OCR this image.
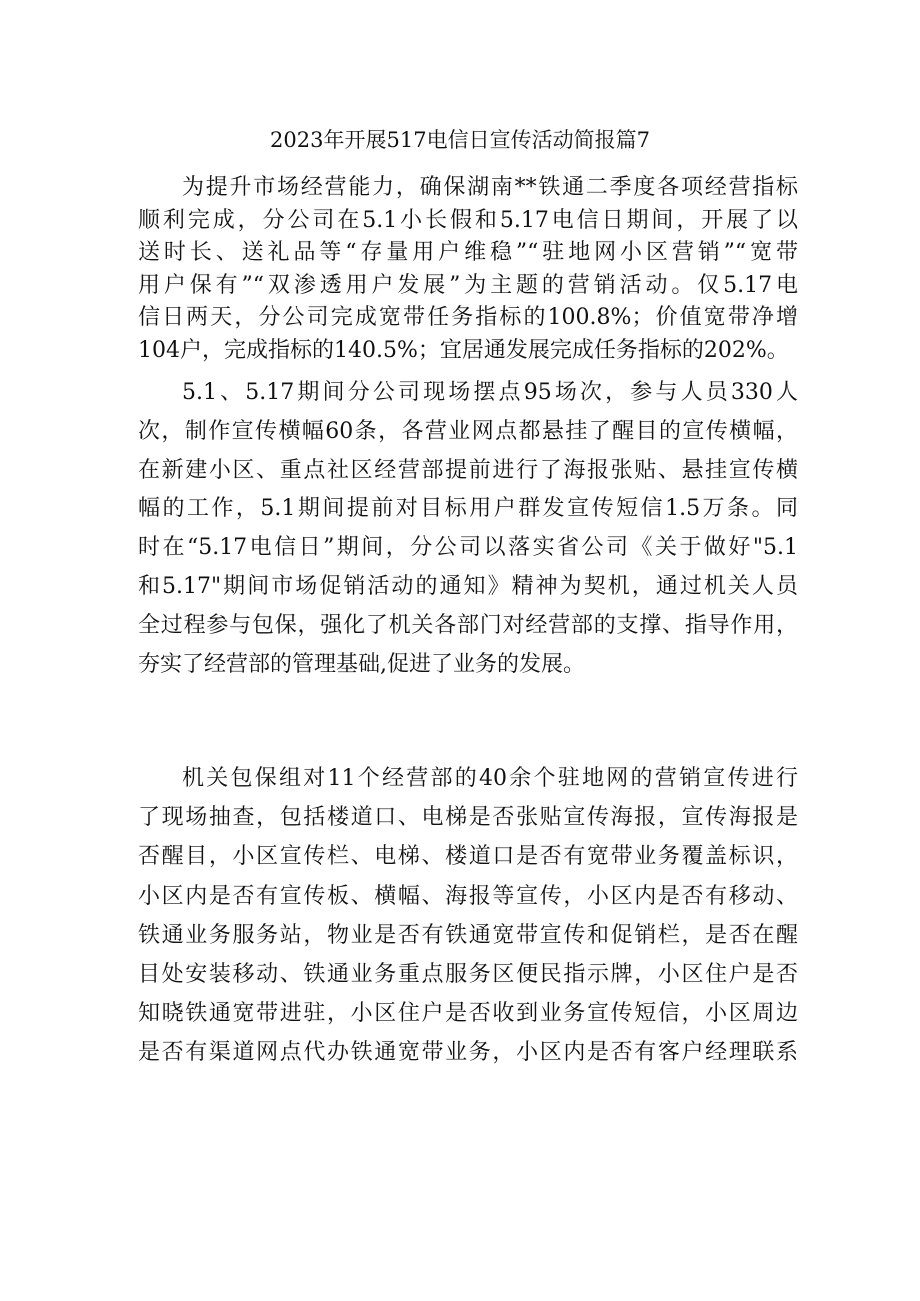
2023年开展517电信日宣传活动简报篇7
为提升市场经营能力，确保湖南**铁通二季度各项经营指标
顺利完成，分公司在5.1小长假和5.17电信日期间，开展了以
送时长、送礼品等“存量用户维稳”“驻地网小区营销”“宽带
用户保有”“双渗透用户发展”为主题的营销活动。仅5.17电
信日两天，分公司完成宽带任务指标的100.8%；价值宽带净增
104户，完成指标的140.5%；宜居通发展完成任务指标的202%。
5.1、5.17期间分公司现场摆点95场次，参与人员330人
次，制作宣传横幅60条，各营业网点都悬挂了醒目的宣传横幅，
在新建小区、重点社区经营部提前进行了海报张贴、悬挂宣传横
幅的工作，5.1期间提前对目标用户群发宣传短信1.5万条。同
时在“5.17电信日”期间，分公司以落实省公司《关于做好"5.1
和5.17"期间市场促销活动的通知》精神为契机，通过机关人员
全过程参与包保，强化了机关各部门对经营部的支撑、指导作用，
夯实了经营部的管理基础,促进了业务的发展。
机关包保组对11个经营部的40余个驻地网的营销宣传进行
了现场抽查，包括楼道口、电梯是否张贴宣传海报，宣传海报是
否醒目，小区宣传栏、电梯、楼道口是否有宽带业务覆盖标识，
小区内是否有宣传板、横幅、海报等宣传，小区内是否有移动、
铁通业务服务站，物业是否有铁通宽带宣传和促销栏，是否在醒
目处安装移动、铁通业务重点服务区便民指示牌，小区住户是否
知晓铁通宽带进驻，小区住户是否收到业务宣传短信，小区周边
是否有渠道网点代办铁通宽带业务，小区内是否有客户经理联系
